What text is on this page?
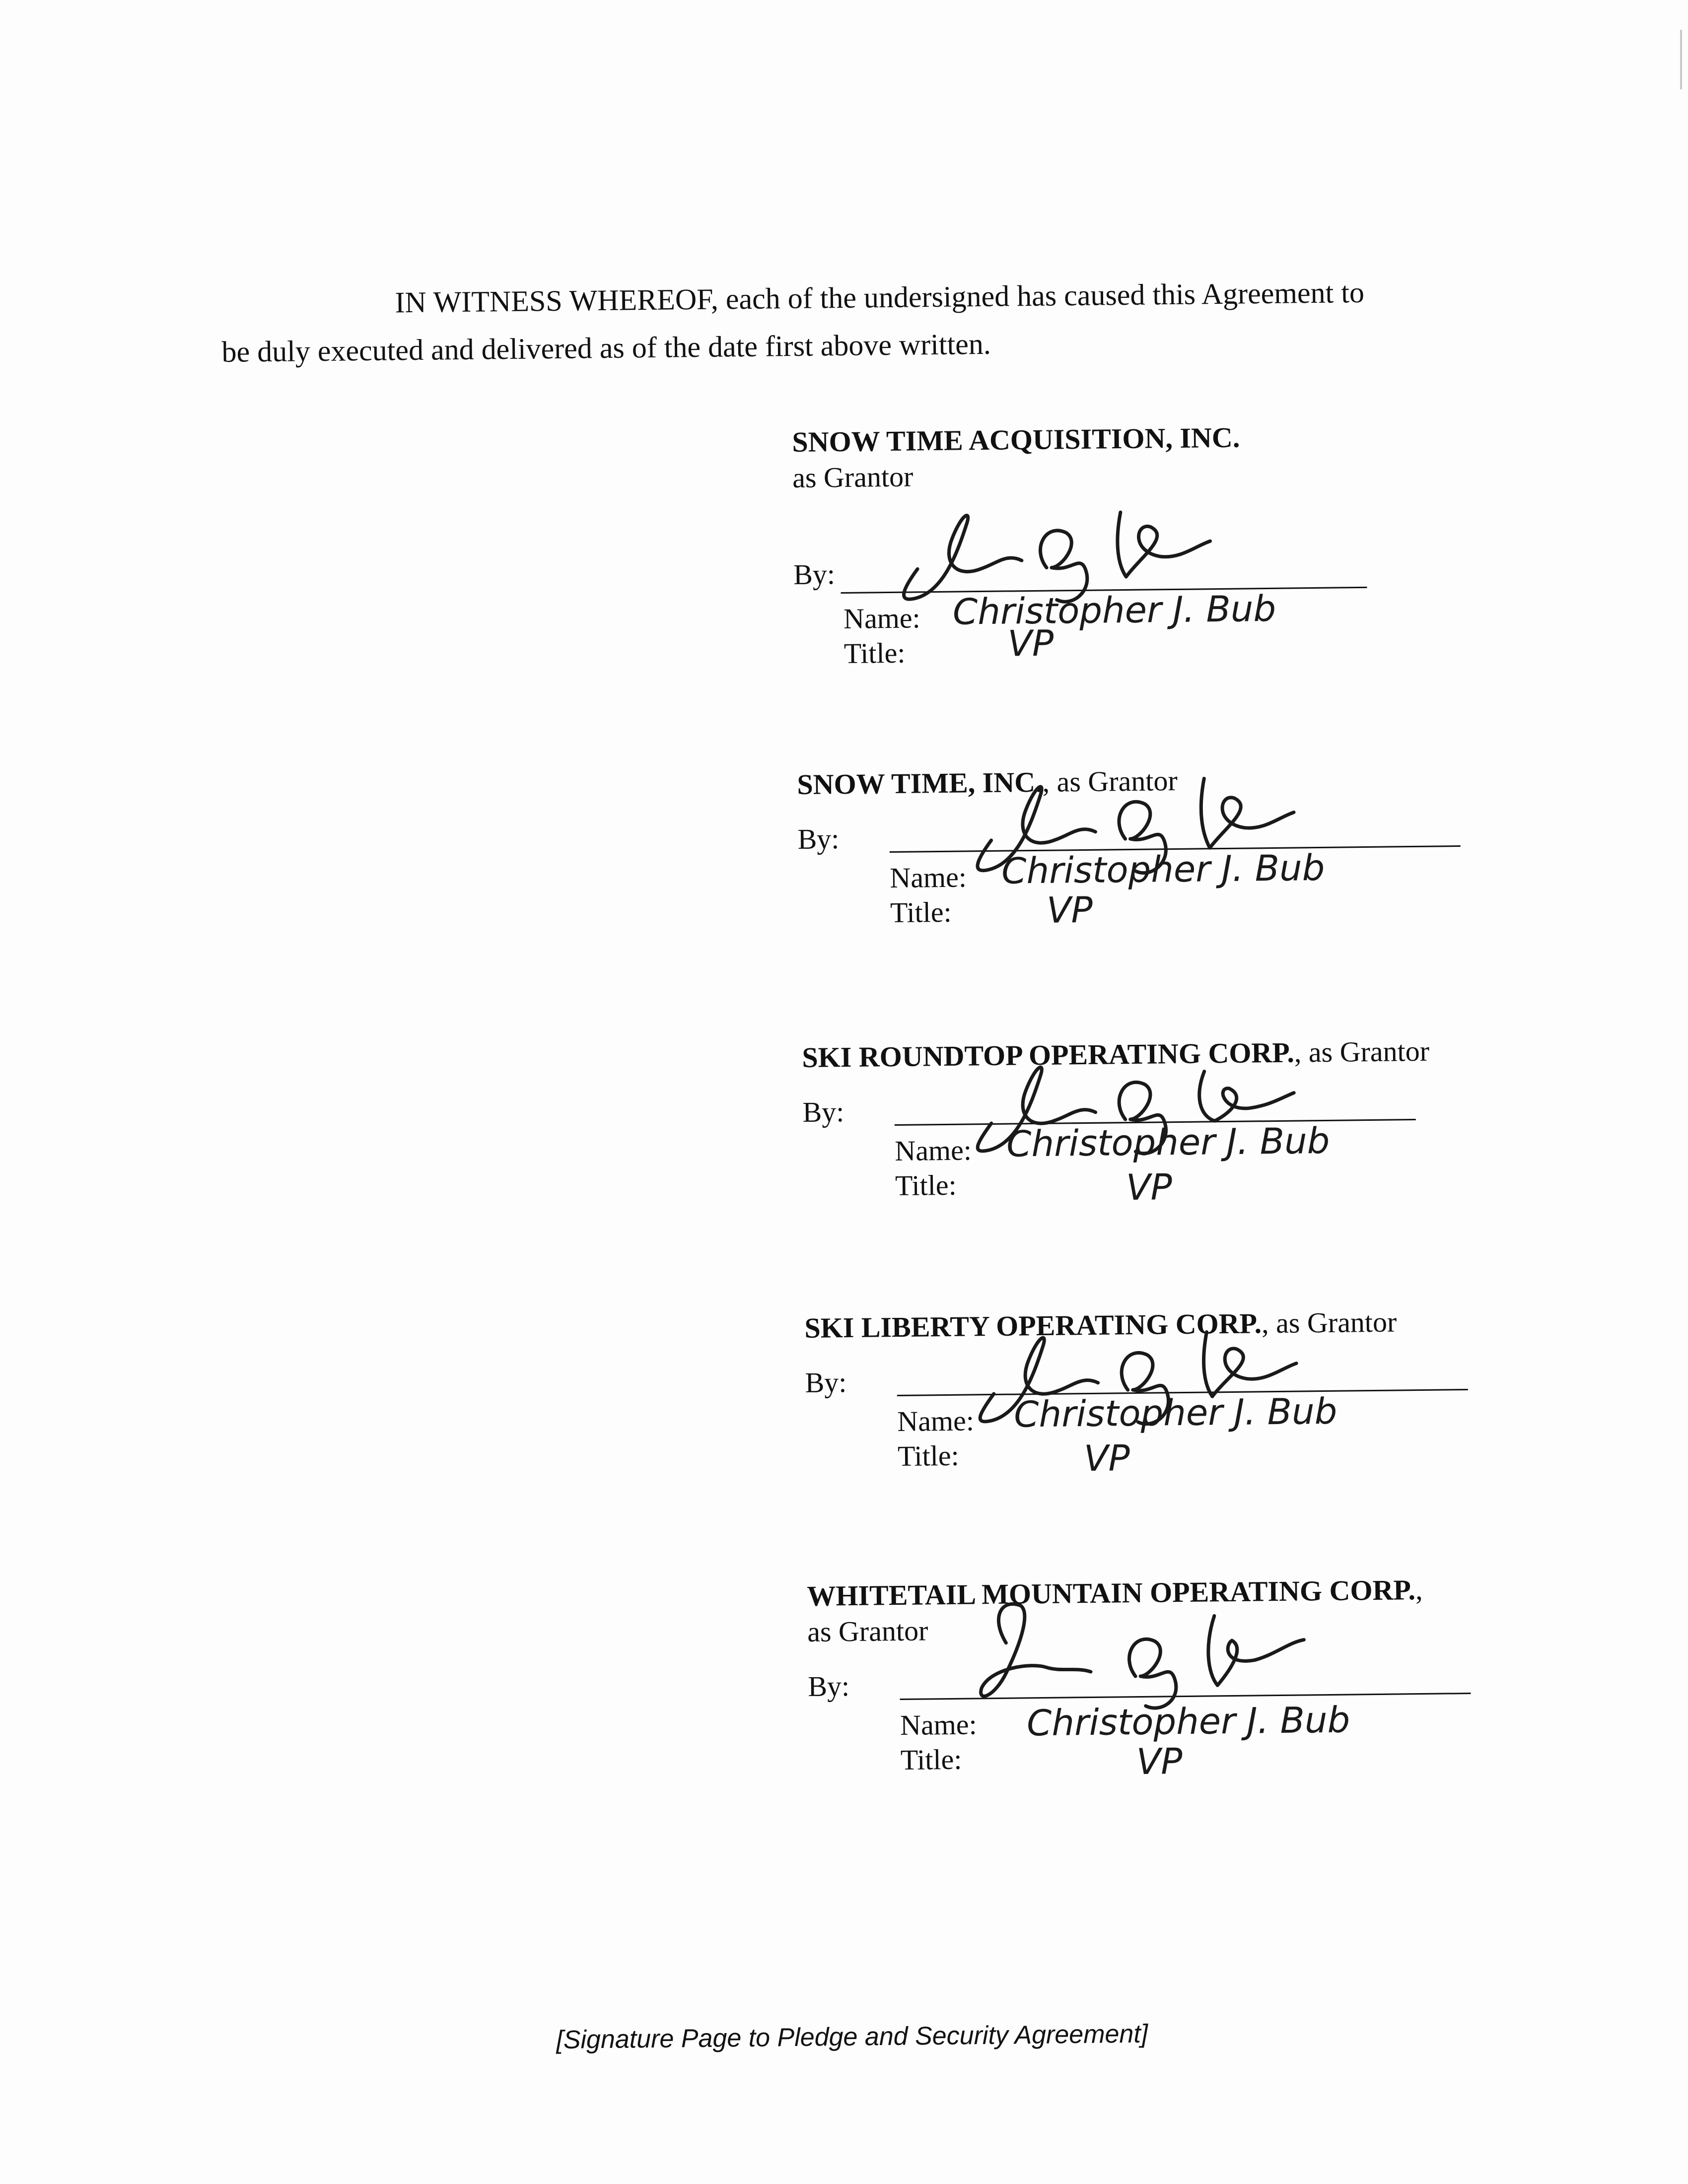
IN WITNESS WHEREOF, each of the undersigned has caused this Agreement to
be duly executed and delivered as of the date first above written.
SNOW TIME ACQUISITION, INC.
as Grantor
By:
Name:
Title:
Christopher J. Bub
VP
SNOW TIME, INC., as Grantor
By:
Name:
Title:
Christopher J. Bub
VP
SKI ROUNDTOP OPERATING CORP., as Grantor
By:
Name:
Title:
Christopher J. Bub
VP
SKI LIBERTY OPERATING CORP., as Grantor
By:
Name:
Title:
Christopher J. Bub
VP
WHITETAIL MOUNTAIN OPERATING CORP.,
as Grantor
By:
Name:
Title:
Christopher J. Bub
VP
[Signature Page to Pledge and Security Agreement]
